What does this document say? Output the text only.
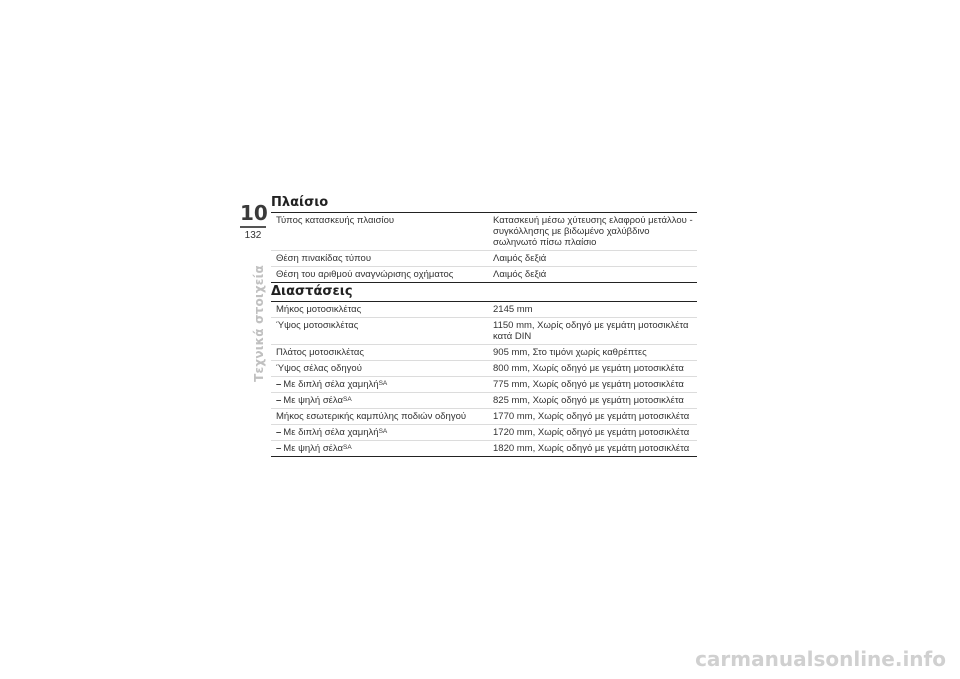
10
132
Τεχνικά στοιχεία
Πλαίσιο
Τύπος κατασκευής πλαισίου	Κατασκευή μέσω χύτευσης ελαφρού μετάλλου - συγκόλλησης με βιδωμένο χαλύβδινο σωληνωτό πίσω πλαίσιο
Θέση πινακίδας τύπου	Λαιμός δεξιά
Θέση του αριθμού αναγνώρισης οχήματος	Λαιμός δεξιά
Διαστάσεις
Μήκος μοτοσικλέτας	2145 mm
Ύψος μοτοσικλέτας	1150 mm, Χωρίς οδηγό με γεμάτη μοτοσικλέτα κατά DIN
Πλάτος μοτοσικλέτας	905 mm, Στο τιμόνι χωρίς καθρέπτες
Ύψος σέλας οδηγού	800 mm, Χωρίς οδηγό με γεμάτη μοτοσικλέτα
– Με διπλή σέλα χαμηλή$^{SA}$	775 mm, Χωρίς οδηγό με γεμάτη μοτοσικλέτα
– Με ψηλή σέλα$^{SA}$	825 mm, Χωρίς οδηγό με γεμάτη μοτοσικλέτα
Μήκος εσωτερικής καμπύλης ποδιών οδηγού	1770 mm, Χωρίς οδηγό με γεμάτη μοτοσικλέτα
– Με διπλή σέλα χαμηλή$^{SA}$	1720 mm, Χωρίς οδηγό με γεμάτη μοτοσικλέτα
– Με ψηλή σέλα$^{SA}$	1820 mm, Χωρίς οδηγό με γεμάτη μοτοσικλέτα
carmanualsonline.info
